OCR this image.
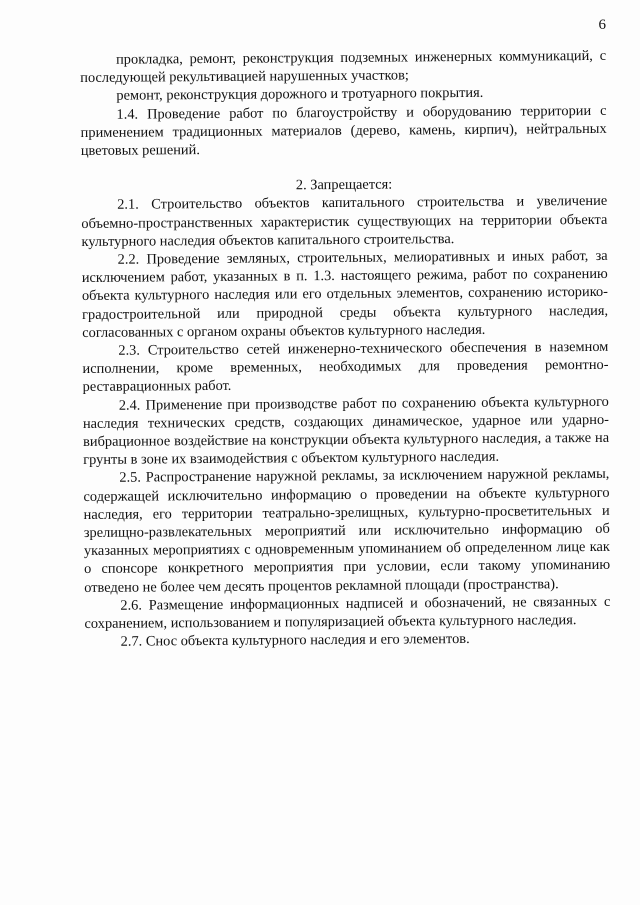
6

прокладка, ремонт, реконструкция подземных инженерных коммуникаций, с последующей рекультивацией нарушенных участков;

ремонт, реконструкция дорожного и тротуарного покрытия.

1.4. Проведение работ по благоустройству и оборудованию территории с применением традиционных материалов (дерево, камень, кирпич), нейтральных цветовых решений.

2. Запрещается:

2.1. Строительство объектов капитального строительства и увеличение объемно-пространственных характеристик существующих на территории объекта культурного наследия объектов капитального строительства.

2.2. Проведение земляных, строительных, мелиоративных и иных работ, за исключением работ, указанных в п. 1.3. настоящего режима, работ по сохранению объекта культурного наследия или его отдельных элементов, сохранению историко-градостроительной или природной среды объекта культурного наследия, согласованных с органом охраны объектов культурного наследия.

2.3. Строительство сетей инженерно-технического обеспечения в наземном исполнении, кроме временных, необходимых для проведения ремонтно-реставрационных работ.

2.4. Применение при производстве работ по сохранению объекта культурного наследия технических средств, создающих динамическое, ударное или ударно-вибрационное воздействие на конструкции объекта культурного наследия, а также на грунты в зоне их взаимодействия с объектом культурного наследия.

2.5. Распространение наружной рекламы, за исключением наружной рекламы, содержащей исключительно информацию о проведении на объекте культурного наследия, его территории театрально-зрелищных, культурно-просветительных и зрелищно-развлекательных мероприятий или исключительно информацию об указанных мероприятиях с одновременным упоминанием об определенном лице как о спонсоре конкретного мероприятия при условии, если такому упоминанию отведено не более чем десять процентов рекламной площади (пространства).

2.6. Размещение информационных надписей и обозначений, не связанных с сохранением, использованием и популяризацией объекта культурного наследия.

2.7. Снос объекта культурного наследия и его элементов.
